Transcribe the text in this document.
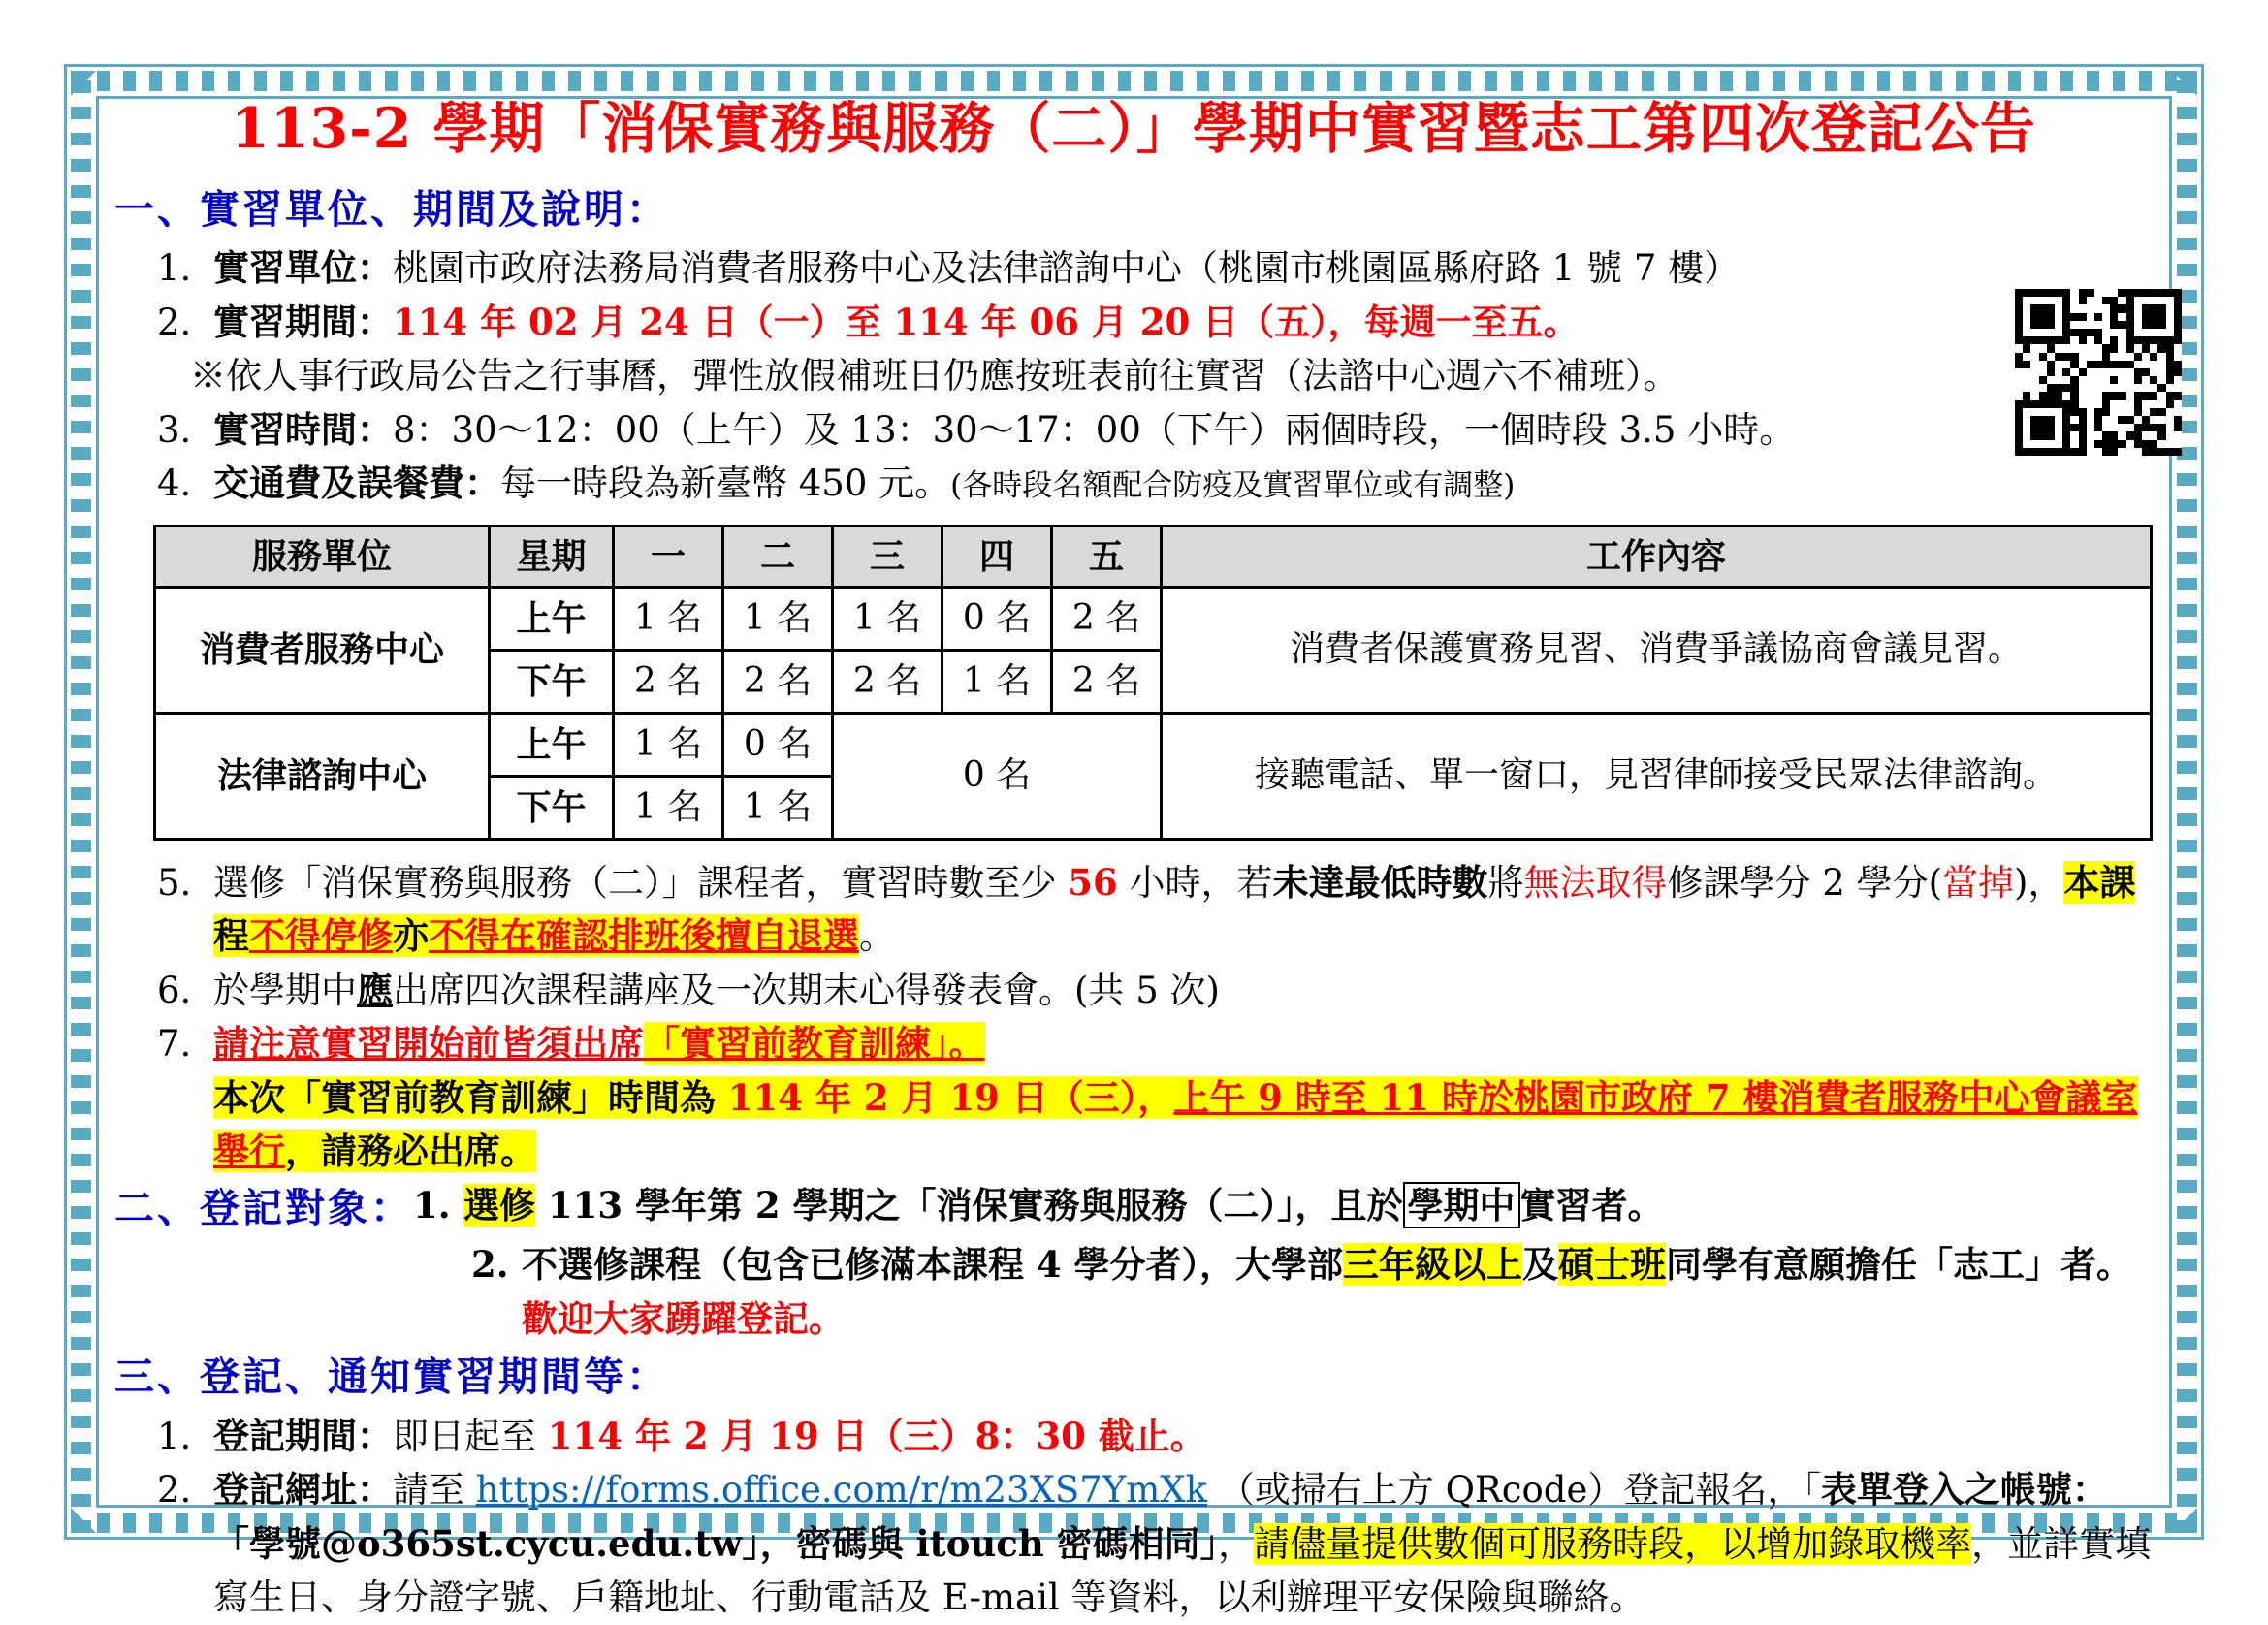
113-2 學期「消保實務與服務（二）」學期中實習暨志工第四次登記公告
一、實習單位、期間及說明：
1. 實習單位：桃園市政府法務局消費者服務中心及法律諮詢中心（桃園市桃園區縣府路 1 號 7 樓）
2. 實習期間：114 年 02 月 24 日（一）至 114 年 06 月 20 日（五），每週一至五。
※依人事行政局公告之行事曆，彈性放假補班日仍應按班表前往實習（法諮中心週六不補班）。
3. 實習時間：8：30～12：00（上午）及 13：30～17：00（下午）兩個時段，一個時段 3.5 小時。
4. 交通費及誤餐費：每一時段為新臺幣 450 元。(各時段名額配合防疫及實習單位或有調整)
服務單位	星期	一	二	三	四	五	工作內容
消費者服務中心	上午	1 名	1 名	1 名	0 名	2 名	消費者保護實務見習、消費爭議協商會議見習。
	下午	2 名	2 名	2 名	1 名	2 名	
法律諮詢中心	上午	1 名	0 名	0 名			接聽電話、單一窗口，見習律師接受民眾法律諮詢。
	下午	1 名	1 名				
5. 選修「消保實務與服務（二）」課程者，實習時數至少 56 小時，若未達最低時數將無法取得修課學分 2 學分(當掉)，本課程不得停修亦不得在確認排班後擅自退選。
6. 於學期中應出席四次課程講座及一次期末心得發表會。(共 5 次)
7. 請注意實習開始前皆須出席「實習前教育訓練」。
本次「實習前教育訓練」時間為 114 年 2 月 19 日（三），上午 9 時至 11 時於桃園市政府 7 樓消費者服務中心會議室舉行，請務必出席。
二、登記對象： 1. 選修 113 學年第 2 學期之「消保實務與服務（二）」，且於 學期中 實習者。
2. 不選修課程（包含已修滿本課程 4 學分者），大學部三年級以上及碩士班同學有意願擔任「志工」者。歡迎大家踴躍登記。
三、登記、通知實習期間等：
1. 登記期間：即日起至 114 年 2 月 19 日（三）8：30 截止。
2. 登記網址：請至 https://forms.office.com/r/m23XS7YmXk （或掃右上方 QRcode）登記報名，「表單登入之帳號：「學號@o365st.cycu.edu.tw」，密碼與 itouch 密碼相同」，請儘量提供數個可服務時段，以增加錄取機率，並詳實填寫生日、身分證字號、戶籍地址、行動電話及 E-mail 等資料，以利辦理平安保險與聯絡。
